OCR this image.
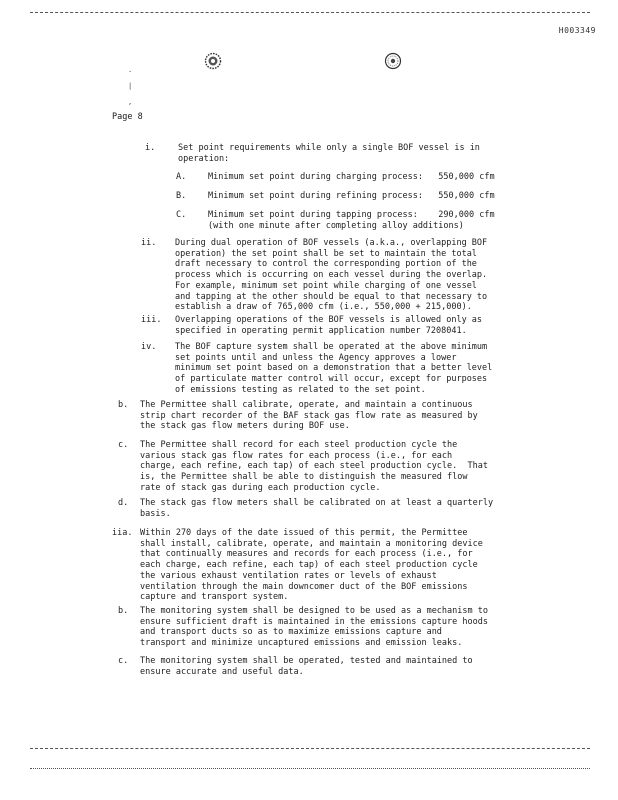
H003349
.
|
,
Page 8
i.	Set point requirements while only a single BOF vessel is in
operation:
A.	Minimum set point during charging process:   550,000 cfm
B.	Minimum set point during refining process:   550,000 cfm
C.	Minimum set point during tapping process:    290,000 cfm
(with one minute after completing alloy additions)
ii. During dual operation of BOF vessels (a.k.a., overlapping BOF
operation) the set point shall be set to maintain the total
draft necessary to control the corresponding portion of the
process which is occurring on each vessel during the overlap.
For example, minimum set point while charging of one vessel
and tapping at the other should be equal to that necessary to
establish a draw of 765,000 cfm (i.e., 550,000 + 215,000).
iii. Overlapping operations of the BOF vessels is allowed only as
specified in operating permit application number 7208041.
iv. The BOF capture system shall be operated at the above minimum
set points until and unless the Agency approves a lower
minimum set point based on a demonstration that a better level
of particulate matter control will occur, except for purposes
of emissions testing as related to the set point.
b. The Permittee shall calibrate, operate, and maintain a continuous
strip chart recorder of the BAF stack gas flow rate as measured by
the stack gas flow meters during BOF use.
c. The Permittee shall record for each steel production cycle the
various stack gas flow rates for each process (i.e., for each
charge, each refine, each tap) of each steel production cycle.  That
is, the Permittee shall be able to distinguish the measured flow
rate of stack gas during each production cycle.
d. The stack gas flow meters shall be calibrated on at least a quarterly
basis.
iia. Within 270 days of the date issued of this permit, the Permittee
shall install, calibrate, operate, and maintain a monitoring device
that continually measures and records for each process (i.e., for
each charge, each refine, each tap) of each steel production cycle
the various exhaust ventilation rates or levels of exhaust
ventilation through the main downcomer duct of the BOF emissions
capture and transport system.
b. The monitoring system shall be designed to be used as a mechanism to
ensure sufficient draft is maintained in the emissions capture hoods
and transport ducts so as to maximize emissions capture and
transport and minimize uncaptured emissions and emission leaks.
c. The monitoring system shall be operated, tested and maintained to
ensure accurate and useful data.
